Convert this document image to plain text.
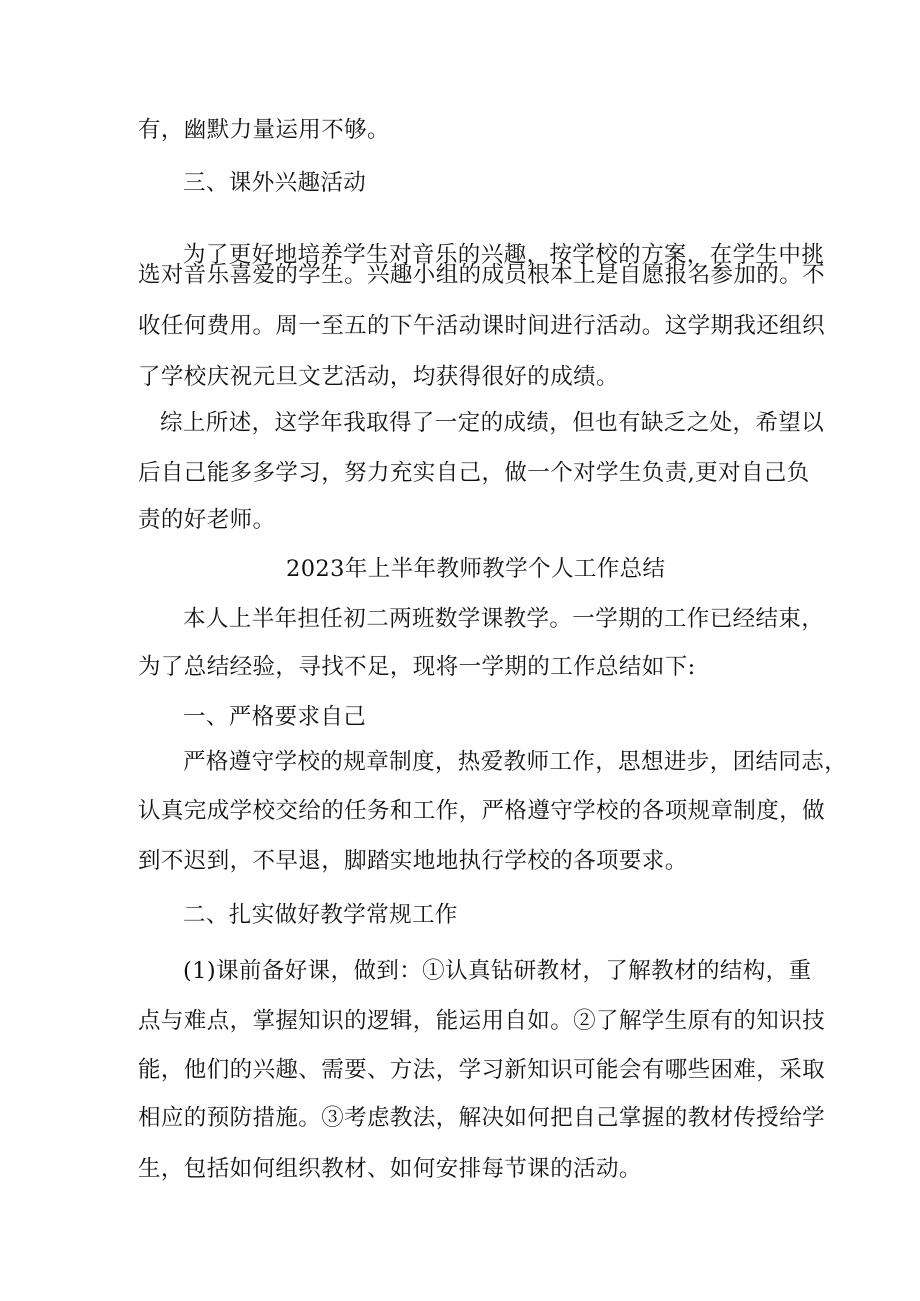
有，幽默力量运用不够。
三、课外兴趣活动
为了更好地培养学生对音乐的兴趣，按学校的方案，在学生中挑
选对音乐喜爱的学生。兴趣小组的成员根本上是自愿报名参加的。不
收任何费用。周一至五的下午活动课时间进行活动。这学期我还组织
了学校庆祝元旦文艺活动，均获得很好的成绩。
综上所述，这学年我取得了一定的成绩，但也有缺乏之处，希望以
后自己能多多学习，努力充实自己，做一个对学生负责,更对自己负
责的好老师。
2023年上半年教师教学个人工作总结
本人上半年担任初二两班数学课教学。一学期的工作已经结束，
为了总结经验，寻找不足，现将一学期的工作总结如下:
一、严格要求自己
严格遵守学校的规章制度，热爱教师工作，思想进步，团结同志，
认真完成学校交给的任务和工作，严格遵守学校的各项规章制度，做
到不迟到，不早退，脚踏实地地执行学校的各项要求。
二、扎实做好教学常规工作
(1)课前备好课，做到：①认真钻研教材，了解教材的结构，重
点与难点，掌握知识的逻辑，能运用自如。②了解学生原有的知识技
能，他们的兴趣、需要、方法，学习新知识可能会有哪些困难，采取
相应的预防措施。③考虑教法，解决如何把自己掌握的教材传授给学
生，包括如何组织教材、如何安排每节课的活动。
